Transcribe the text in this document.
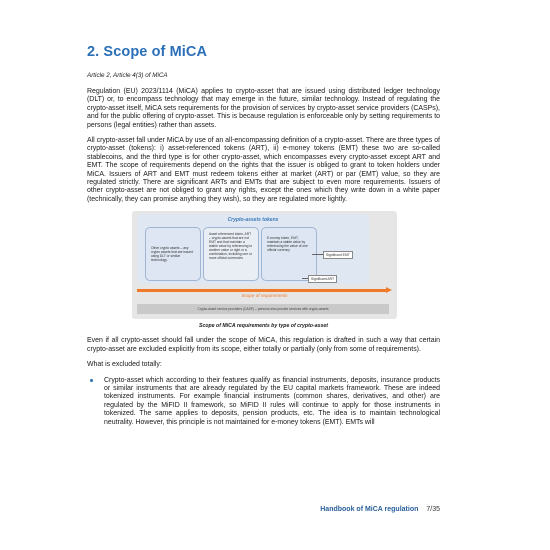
2. Scope of MiCA
Article 2, Article 4(3) of MiCA

Regulation (EU) 2023/1114 (MiCA) applies to crypto-asset that are issued using distributed ledger technology (DLT) or, to encompass technology that may emerge in the future, similar technology. Instead of regulating the crypto-asset itself, MiCA sets requirements for the provision of services by crypto-asset service providers (CASPs), and for the public offering of crypto-asset. This is because regulation is enforceable only by setting requirements to persons (legal entities) rather than assets.

All crypto-asset fall under MiCA by use of an all-encompassing definition of a crypto-asset. There are three types of crypto-asset (tokens): i) asset-referenced tokens (ART), ii) e-money tokens (EMT) these two are so-called stablecoins, and the third type is for other crypto-asset, which encompasses every crypto-asset except ART and EMT. The scope of requirements depend on the rights that the issuer is obliged to grant to token holders under MiCA. Issuers of ART and EMT must redeem tokens either at market (ART) or par (EMT) value, so they are regulated strictly. There are significant ARTs and EMTs that are subject to even more requirements. Issuers of other crypto-asset are not obliged to grant any rights, except the ones which they write down in a white paper (technically, they can promise anything they wish), so they are regulated more lightly.

Crypto-assets tokens
Other crypto assets – any crypto assets that are issued using DLT or similar technology.
Asset referenced token, ART – crypto-assets that are not EMT and that maintain a stable value by referencing to another value or right or a combination, including one or more official currencies
E-money token, EMT, maintain a stable value by referencing the value of one official currency
Significant EMT
Significant ART
Scope of requirements
Crypto-asset service providers (CASP) – persons who provide services with crypto-assets
Scope of MiCA requirements by type of crypto-asset

Even if all crypto-asset should fall under the scope of MiCA, this regulation is drafted in such a way that certain crypto-asset are excluded explicitly from its scope, either totally or partially (only from some of requirements).

What is excluded totally:

Crypto-asset which according to their features qualify as financial instruments, deposits, insurance products or similar instruments that are already regulated by the EU capital markets framework. These are indeed tokenized instruments. For example financial instruments (common shares, derivatives, and other) are regulated by the MiFID II framework, so MiFID II rules will continue to apply for those instruments in tokenized. The same applies to deposits, pension products, etc. The idea is to maintain technological neutrality. However, this principle is not maintained for e-money tokens (EMT). EMTs will
Handbook of MiCA regulation 7/35
